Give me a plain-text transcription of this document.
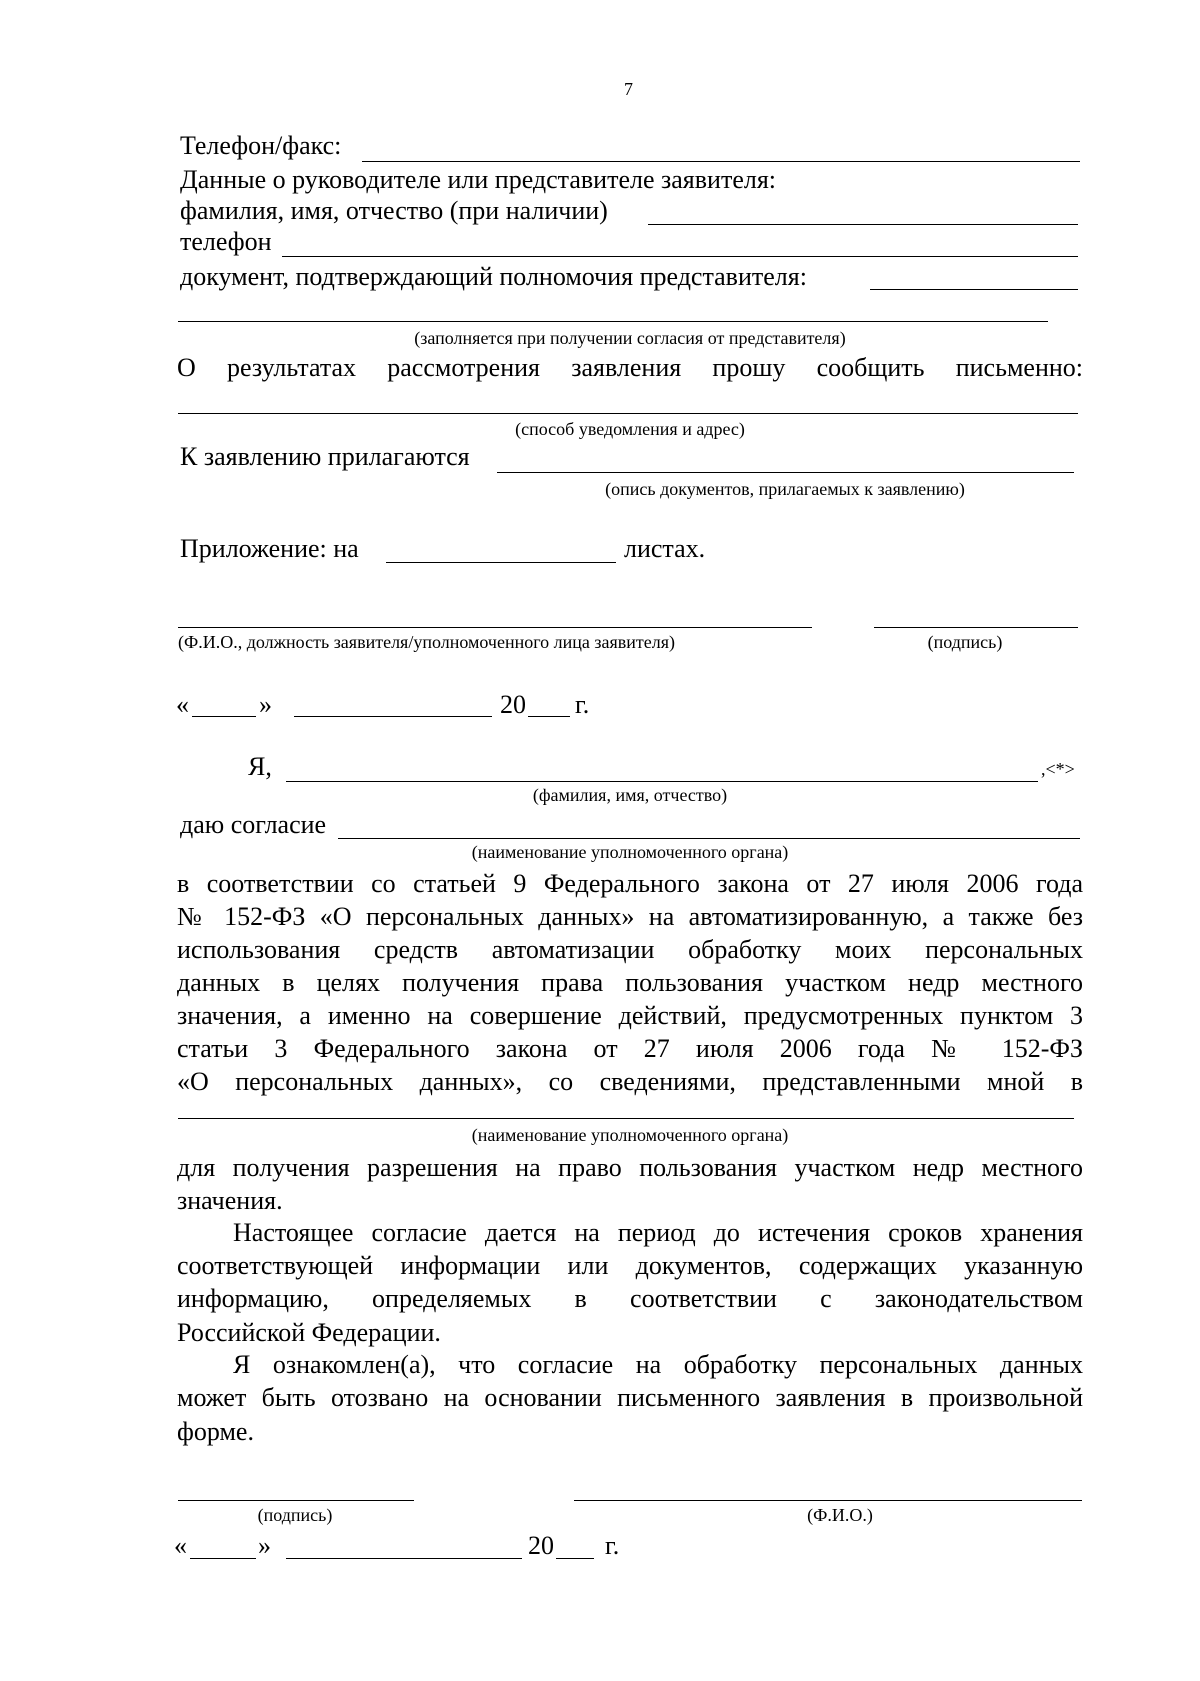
7
Телефон/факс:
Данные о руководителе или представителе заявителя:
фамилия, имя, отчество (при наличии)
телефон
документ, подтверждающий полномочия представителя:
(заполняется при получении согласия от представителя)
О результатах рассмотрения заявления прошу сообщить письменно:
(способ уведомления и адрес)
К заявлению прилагаются
(опись документов, прилагаемых к заявлению)
Приложение: на	листах.
(Ф.И.О., должность заявителя/уполномоченного лица заявителя)	(подпись)
«	»	20 г.
Я,	,<*>
(фамилия, имя, отчество)
даю согласие
(наименование уполномоченного органа)
в соответствии со статьей 9 Федерального закона от 27 июля 2006 года
№ 152-ФЗ «О персональных данных» на автоматизированную, а также без
использования средств автоматизации обработку моих персональных
данных в целях получения права пользования участком недр местного
значения, а именно на совершение действий, предусмотренных пунктом 3
статьи 3 Федерального закона от 27 июля 2006 года № 152-ФЗ
«О персональных данных», со сведениями, представленными мной в
(наименование уполномоченного органа)
для получения разрешения на право пользования участком недр местного
значения.
Настоящее согласие дается на период до истечения сроков хранения
соответствующей информации или документов, содержащих указанную
информацию, определяемых в соответствии с законодательством
Российской Федерации.
Я ознакомлен(а), что согласие на обработку персональных данных
может быть отозвано на основании письменного заявления в произвольной
форме.
(подпись)	(Ф.И.О.)
«	»	20 г.
